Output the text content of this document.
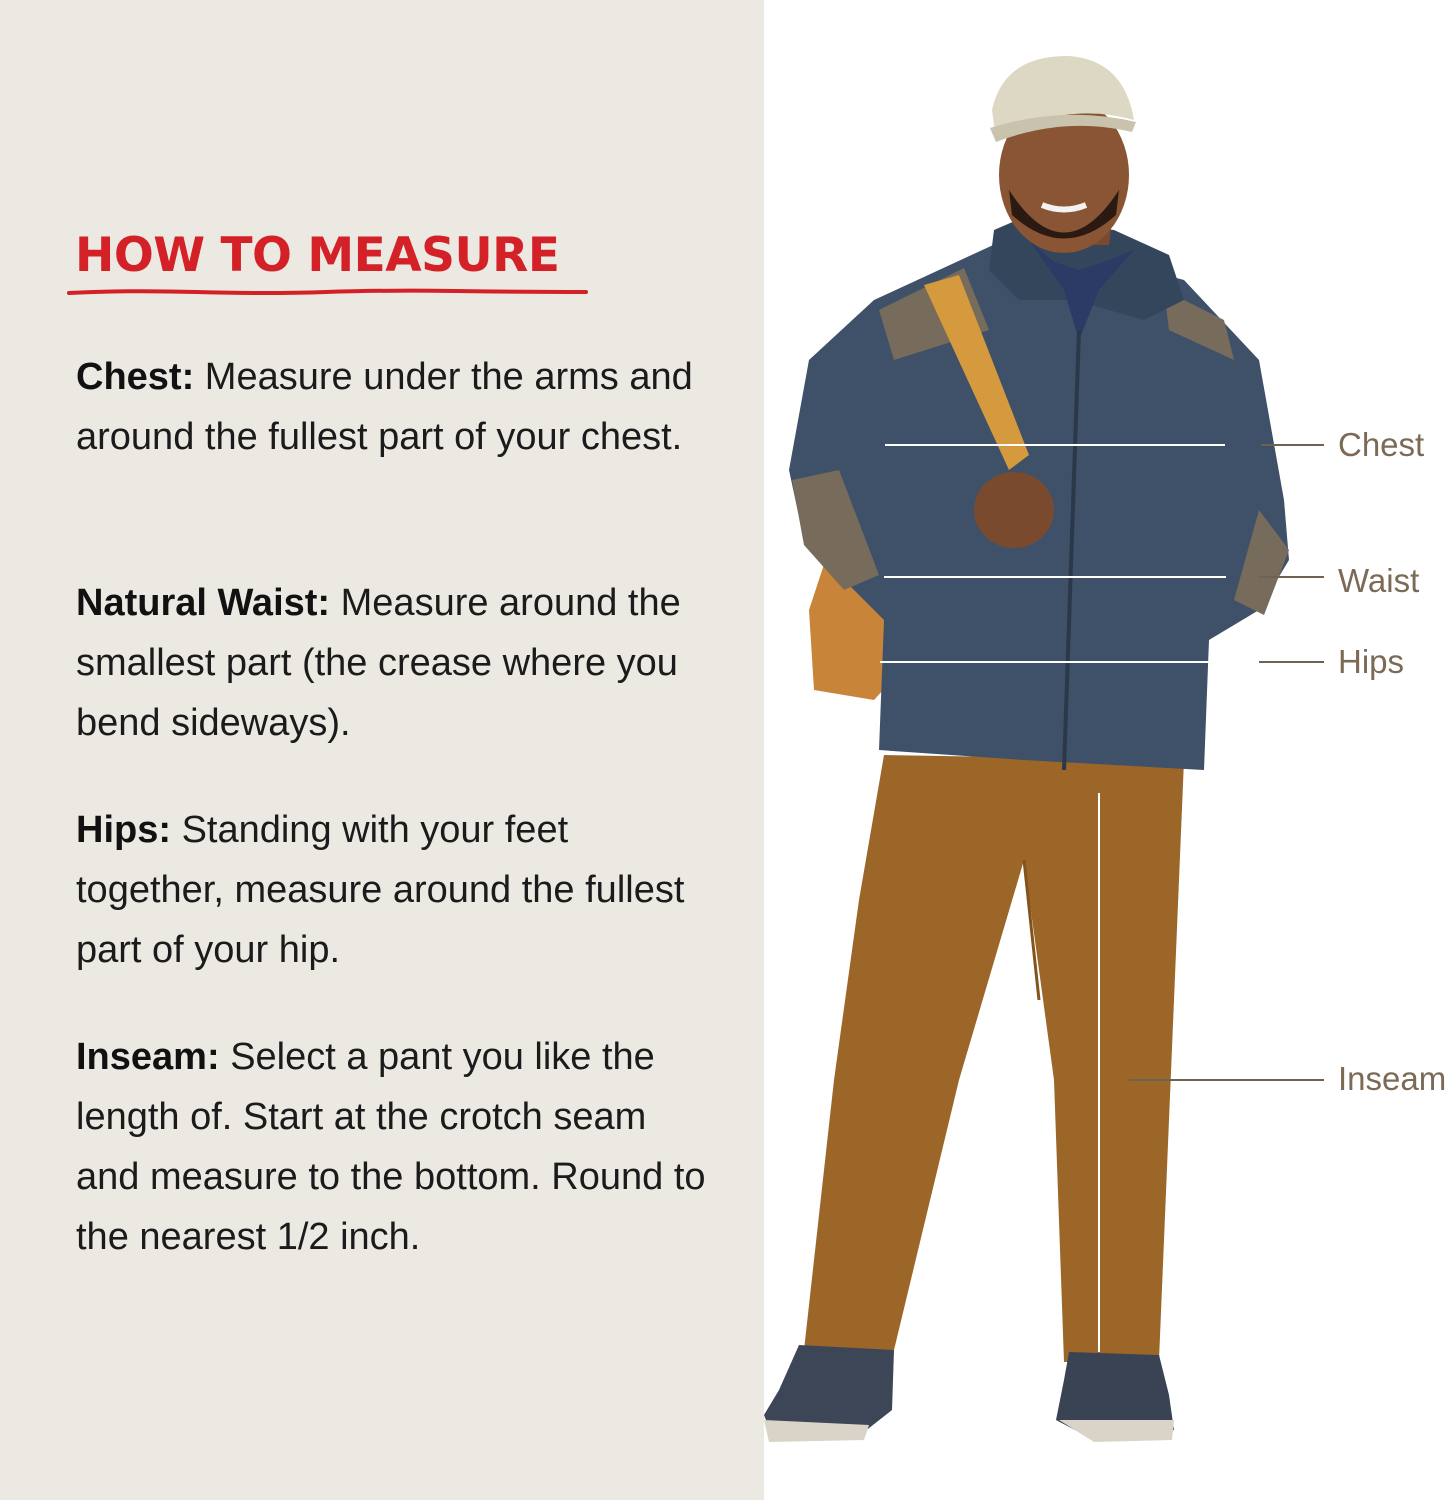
HOW TO MEASURE

Chest: Measure under the arms and around the fullest part of your chest.

Natural Waist: Measure around the smallest part (the crease where you bend sideways).

Hips: Standing with your feet together, measure around the fullest part of your hip.

Inseam: Select a pant you like the length of. Start at the crotch seam and measure to the bottom. Round to the nearest 1/2 inch.

Chest
Waist
Hips
Inseam
